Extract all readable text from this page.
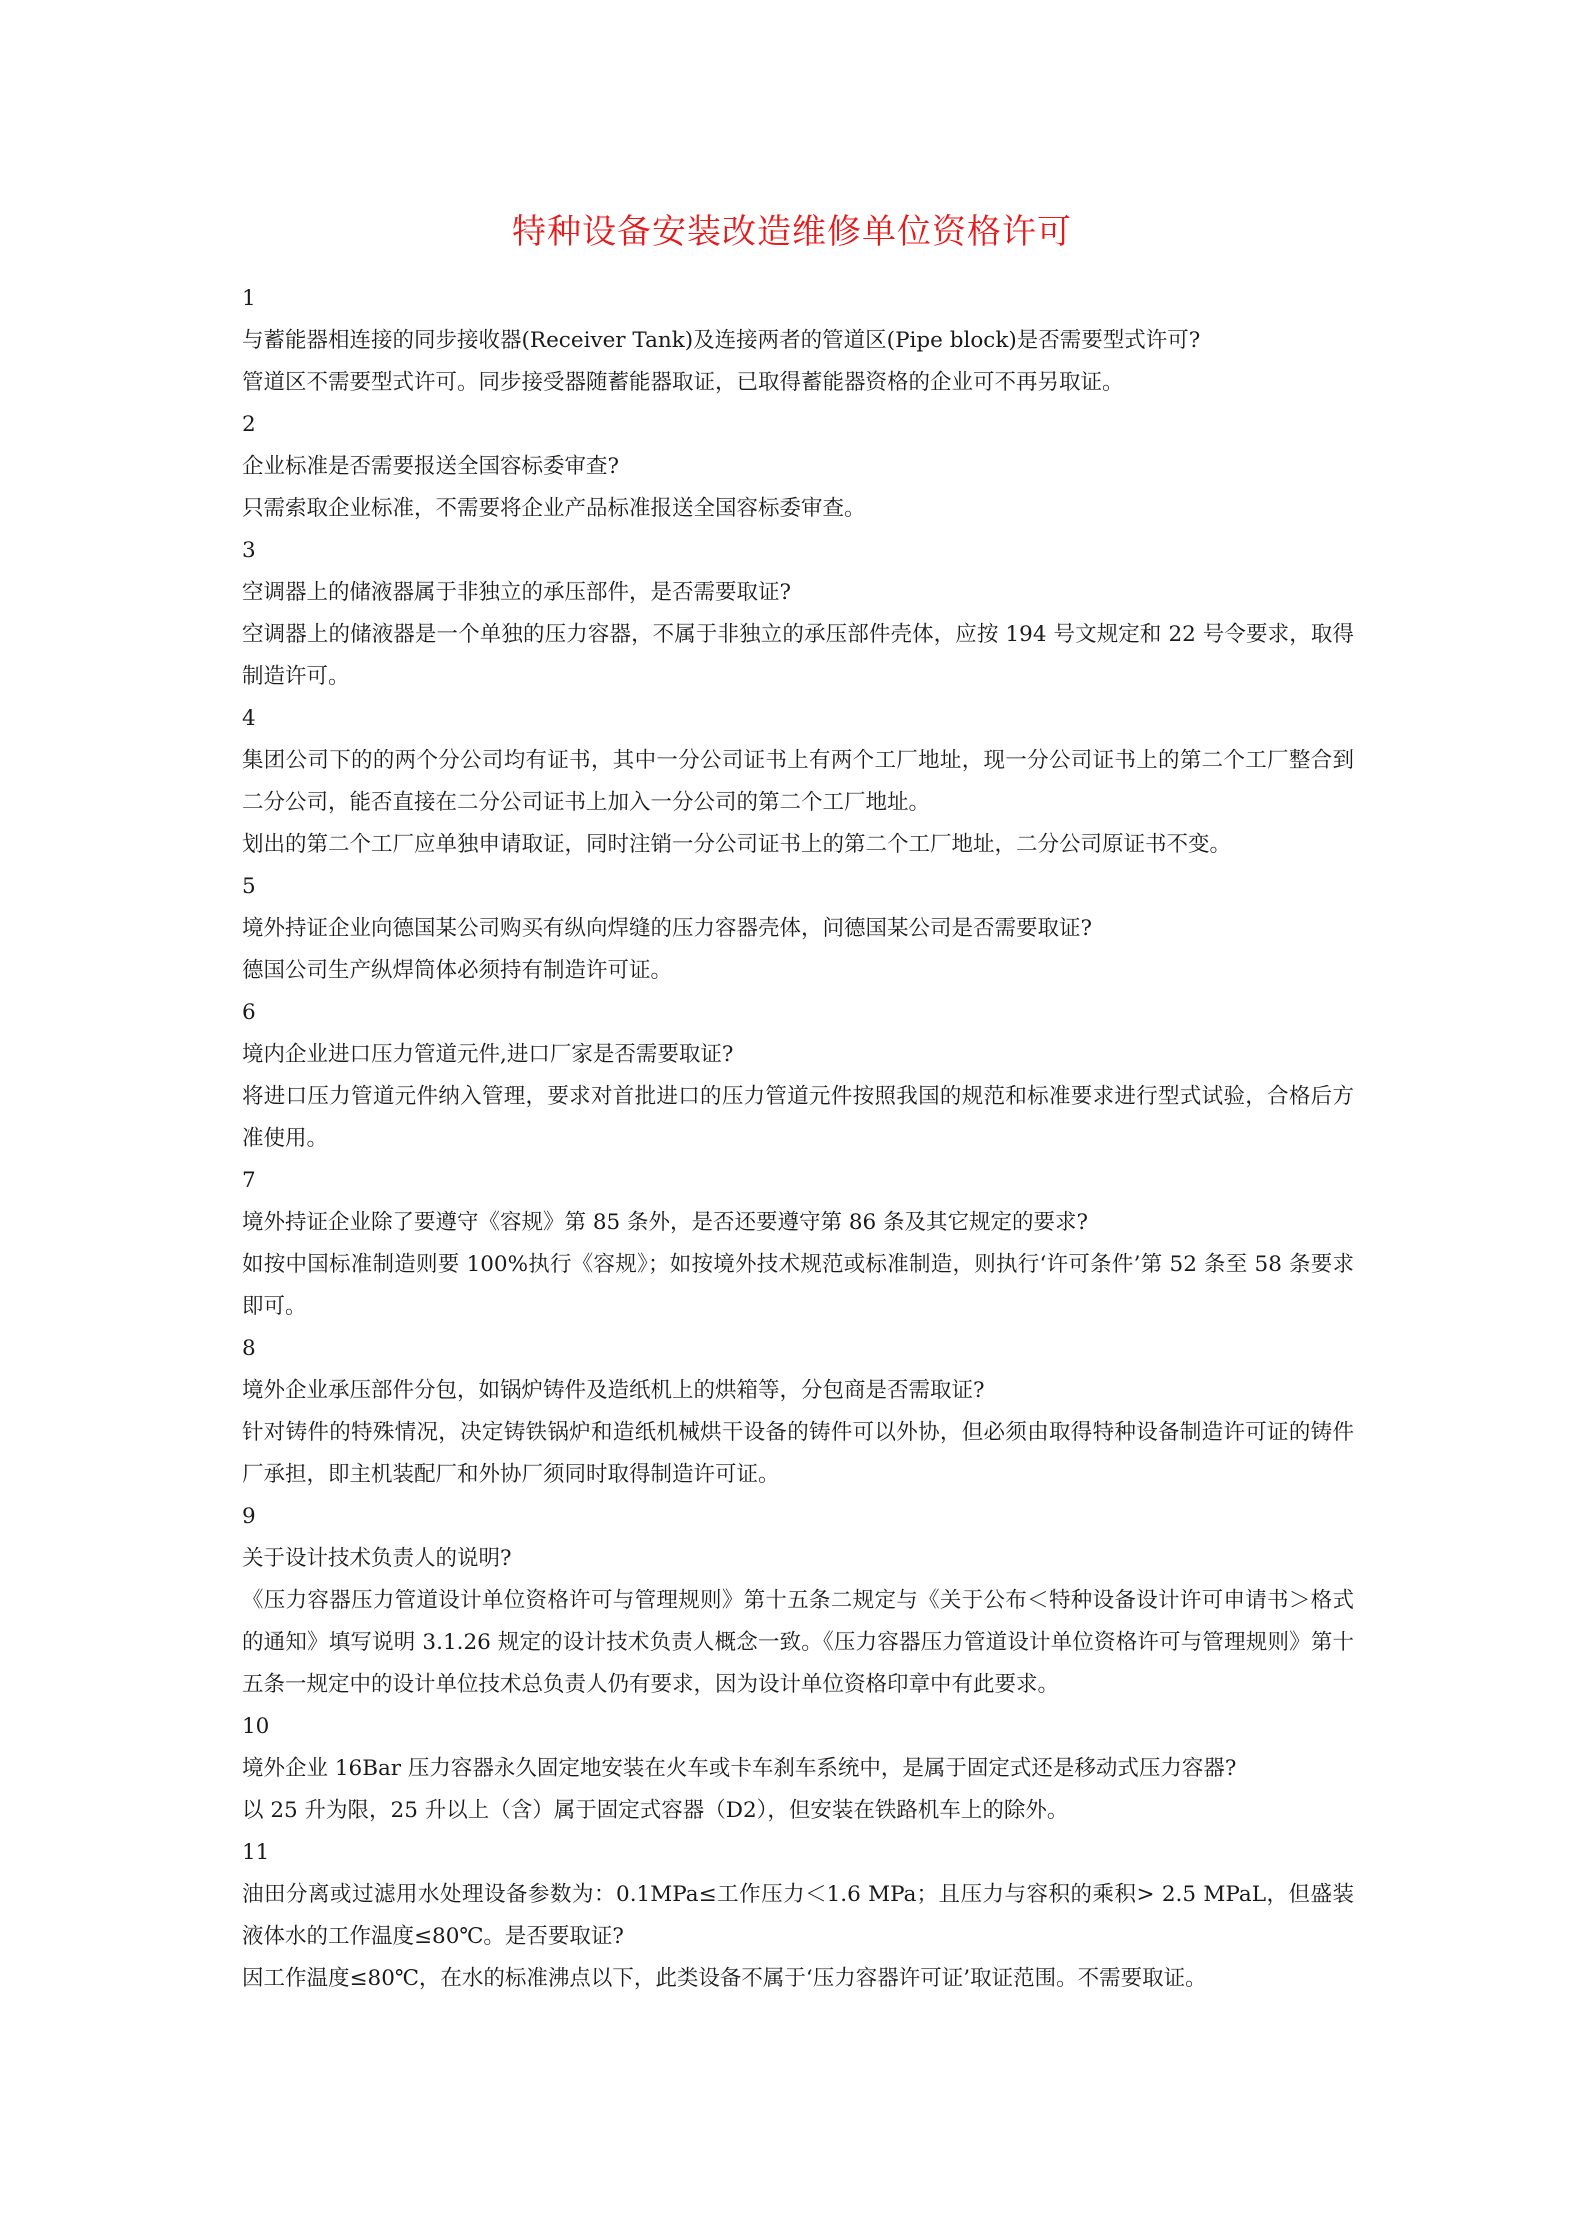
特种设备安装改造维修单位资格许可

1

与蓄能器相连接的同步接收器(Receiver Tank)及连接两者的管道区(Pipe block)是否需要型式许可?

管道区不需要型式许可。同步接受器随蓄能器取证，已取得蓄能器资格的企业可不再另取证。

2

企业标准是否需要报送全国容标委审查?

只需索取企业标准，不需要将企业产品标准报送全国容标委审查。

3

空调器上的储液器属于非独立的承压部件，是否需要取证?

空调器上的储液器是一个单独的压力容器，不属于非独立的承压部件壳体，应按 194 号文规定和 22 号令要求，取得制造许可。

4

集团公司下的的两个分公司均有证书，其中一分公司证书上有两个工厂地址，现一分公司证书上的第二个工厂整合到二分公司，能否直接在二分公司证书上加入一分公司的第二个工厂地址。

划出的第二个工厂应单独申请取证，同时注销一分公司证书上的第二个工厂地址，二分公司原证书不变。

5

境外持证企业向德国某公司购买有纵向焊缝的压力容器壳体，问德国某公司是否需要取证?

德国公司生产纵焊筒体必须持有制造许可证。

6

境内企业进口压力管道元件,进口厂家是否需要取证?

将进口压力管道元件纳入管理，要求对首批进口的压力管道元件按照我国的规范和标准要求进行型式试验，合格后方准使用。

7

境外持证企业除了要遵守《容规》第 85 条外，是否还要遵守第 86 条及其它规定的要求?

如按中国标准制造则要 100%执行《容规》；如按境外技术规范或标准制造，则执行‘许可条件’第 52 条至 58 条要求即可。

8

境外企业承压部件分包，如锅炉铸件及造纸机上的烘箱等，分包商是否需取证?

针对铸件的特殊情况，决定铸铁锅炉和造纸机械烘干设备的铸件可以外协，但必须由取得特种设备制造许可证的铸件厂承担，即主机装配厂和外协厂须同时取得制造许可证。

9

关于设计技术负责人的说明?

《压力容器压力管道设计单位资格许可与管理规则》第十五条二规定与《关于公布＜特种设备设计许可申请书＞格式的通知》填写说明 3.1.26 规定的设计技术负责人概念一致。《压力容器压力管道设计单位资格许可与管理规则》第十五条一规定中的设计单位技术总负责人仍有要求，因为设计单位资格印章中有此要求。

10

境外企业 16Bar 压力容器永久固定地安装在火车或卡车刹车系统中，是属于固定式还是移动式压力容器?

以 25 升为限，25 升以上（含）属于固定式容器（D2），但安装在铁路机车上的除外。

11

油田分离或过滤用水处理设备参数为：0.1MPa≤工作压力＜1.6 MPa；且压力与容积的乘积> 2.5 MPaL，但盛装液体水的工作温度≤80℃。是否要取证?

因工作温度≤80℃，在水的标准沸点以下，此类设备不属于‘压力容器许可证’取证范围。不需要取证。
